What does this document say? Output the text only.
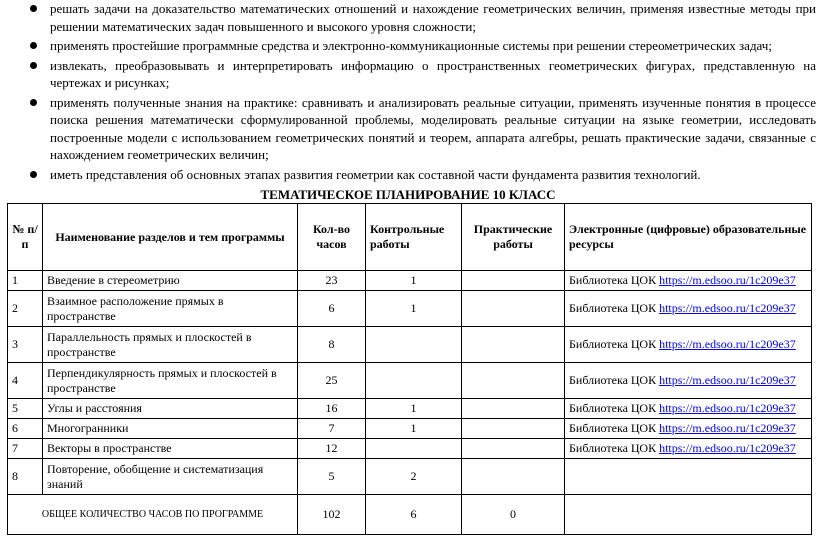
решать задачи на доказательство математических отношений и нахождение геометрических величин, применяя известные методы при решении математических задач повышенного и высокого уровня сложности;
применять простейшие программные средства и электронно-коммуникационные системы при решении стереометрических задач;
извлекать, преобразовывать и интерпретировать информацию о пространственных геометрических фигурах, представленную на чертежах и рисунках;
применять полученные знания на практике: сравнивать и анализировать реальные ситуации, применять изученные понятия в процессе поиска решения математически сформулированной проблемы, моделировать реальные ситуации на языке геометрии, исследовать построенные модели с использованием геометрических понятий и теорем, аппарата алгебры, решать практические задачи, связанные с нахождением геометрических величин;
иметь представления об основных этапах развития геометрии как составной части фундамента развития технологий.
ТЕМАТИЧЕСКОЕ ПЛАНИРОВАНИЕ 10 КЛАСС
№ п/п	Наименование разделов и тем программы	Кол-во часов	Контрольные работы	Практические работы	Электронные (цифровые) образовательные ресурсы
1	Введение в стереометрию	23	1		Библиотека ЦОК https://m.edsoo.ru/1c209e37
2	Взаимное расположение прямых в пространстве	6	1		Библиотека ЦОК https://m.edsoo.ru/1c209e37
3	Параллельность прямых и плоскостей в пространстве	8			Библиотека ЦОК https://m.edsoo.ru/1c209e37
4	Перпендикулярность прямых и плоскостей в пространстве	25			Библиотека ЦОК https://m.edsoo.ru/1c209e37
5	Углы и расстояния	16	1		Библиотека ЦОК https://m.edsoo.ru/1c209e37
6	Многогранники	7	1		Библиотека ЦОК https://m.edsoo.ru/1c209e37
7	Векторы в пространстве	12			Библиотека ЦОК https://m.edsoo.ru/1c209e37
8	Повторение, обобщение и систематизация знаний	5	2		
ОБЩЕЕ КОЛИЧЕСТВО ЧАСОВ ПО ПРОГРАММЕ		102	6	0	
